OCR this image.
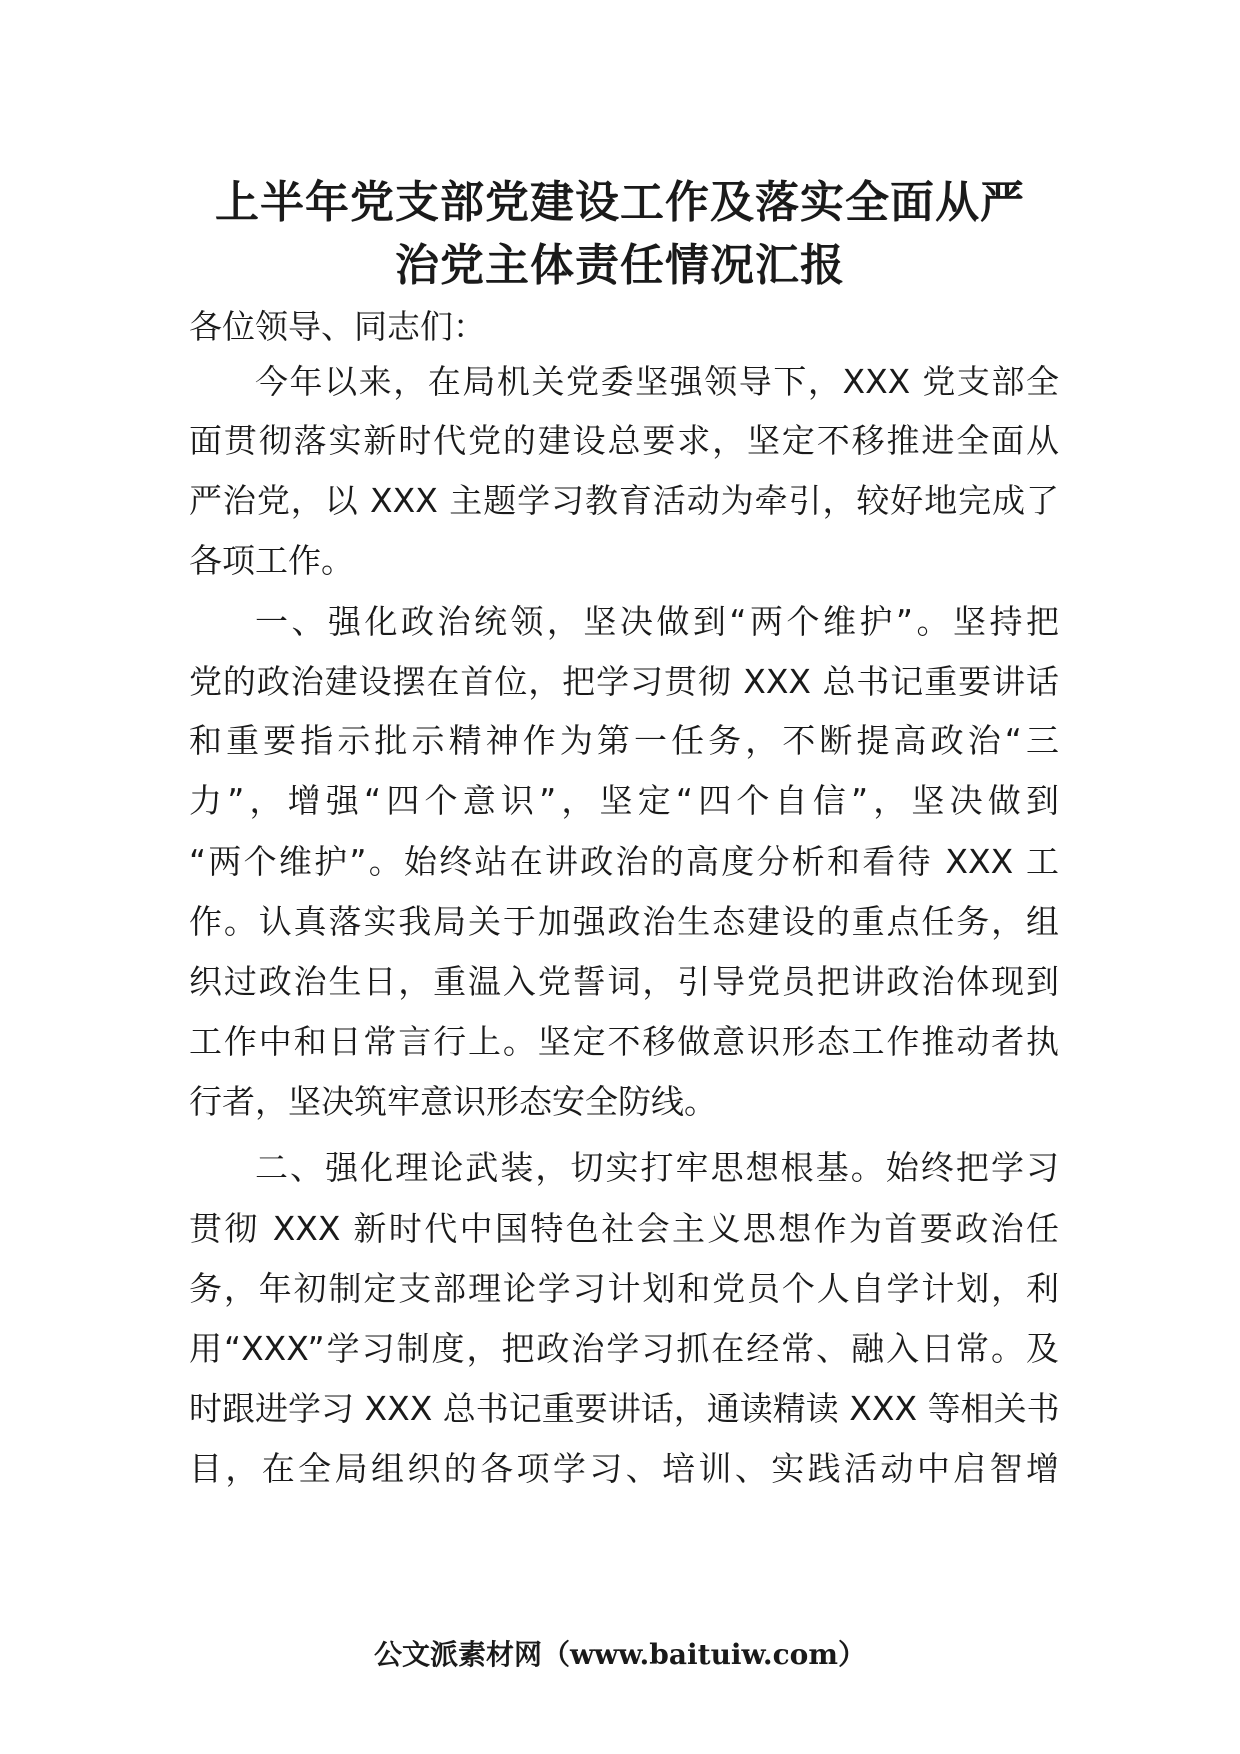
上半年党支部党建设工作及落实全面从严
治党主体责任情况汇报

各位领导、同志们：

今年以来，在局机关党委坚强领导下，XXX 党支部全

面贯彻落实新时代党的建设总要求，坚定不移推进全面从

严治党，以 XXX 主题学习教育活动为牵引，较好地完成了

各项工作。

一、强化政治统领，坚决做到“两个维护”。坚持把

党的政治建设摆在首位，把学习贯彻 XXX 总书记重要讲话

和重要指示批示精神作为第一任务，不断提高政治“三

力”，增强“四个意识”，坚定“四个自信”，坚决做到

“两个维护”。始终站在讲政治的高度分析和看待 XXX 工

作。认真落实我局关于加强政治生态建设的重点任务，组

织过政治生日，重温入党誓词，引导党员把讲政治体现到

工作中和日常言行上。坚定不移做意识形态工作推动者执

行者，坚决筑牢意识形态安全防线。

二、强化理论武装，切实打牢思想根基。始终把学习

贯彻 XXX 新时代中国特色社会主义思想作为首要政治任

务，年初制定支部理论学习计划和党员个人自学计划，利

用“XXX”学习制度，把政治学习抓在经常、融入日常。及

时跟进学习 XXX 总书记重要讲话，通读精读 XXX 等相关书

目，在全局组织的各项学习、培训、实践活动中启智增

公文派素材网（www.baituiw.com）
